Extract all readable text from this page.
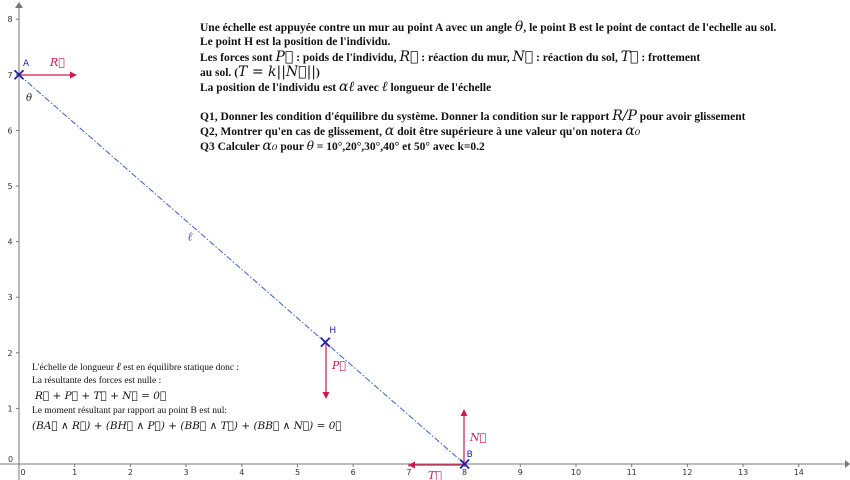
0
0	1	2	3	4	5	6	7	8	9	10	11	12	13	14
1
2
3
4
5
6
7
8
ℓ
θ
R⃗
P⃗
N⃗
T⃗
A
H
B
Une échelle est appuyée contre un mur au point A avec un angle θ, le point B est le point de contact de l'echelle au sol.
Le point H est la position de l'individu.
Les forces sont P⃗ : poids de l'individu, R⃗ : réaction du mur, N⃗ : réaction du sol, T⃗ : frottement
au sol. (T = k||N⃗||)
La position de l'individu est αℓ avec ℓ longueur de l'échelle
Q1, Donner les condition d'équilibre du système. Donner la condition sur le rapport R/P pour avoir glissement
Q2, Montrer qu'en cas de glissement, α doit être supérieure à une valeur qu'on notera α₀
Q3 Calculer α₀ pour θ = 10°,20°,30°,40° et 50° avec k=0.2
L'échelle de longueur ℓ est en équilibre statique donc :
La résultante des forces est nulle :
R⃗ + P⃗ + T⃗ + N⃗ = 0⃗
Le moment résultant par rapport au point B est nul:
(BA⃗ ∧ R⃗) + (BH⃗ ∧ P⃗) + (BB⃗ ∧ T⃗) + (BB⃗ ∧ N⃗) = 0⃗
